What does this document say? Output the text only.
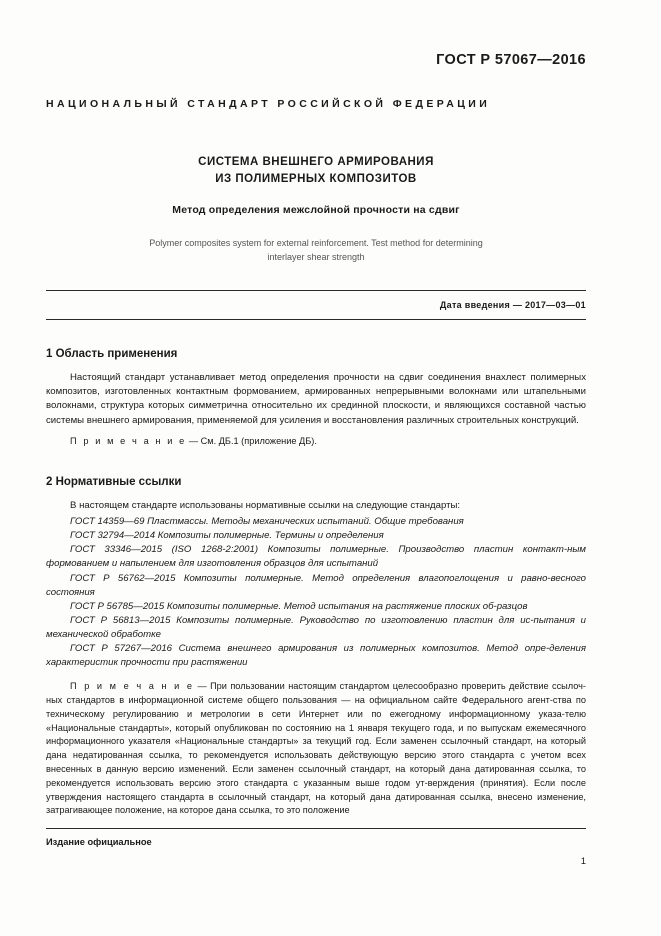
ГОСТ Р 57067—2016
НАЦИОНАЛЬНЫЙ СТАНДАРТ РОССИЙСКОЙ ФЕДЕРАЦИИ
СИСТЕМА ВНЕШНЕГО АРМИРОВАНИЯ
ИЗ ПОЛИМЕРНЫХ КОМПОЗИТОВ
Метод определения межслойной прочности на сдвиг
Polymer composites system for external reinforcement. Test method for determining
interlayer shear strength
Дата введения — 2017—03—01
1 Область применения

Настоящий стандарт устанавливает метод определения прочности на сдвиг соединения внахлест полимерных композитов, изготовленных контактным формованием, армированных непрерывными волокнами или штапельными волокнами, структура которых симметрична относительно их срединной плоскости, и являющихся составной частью системы внешнего армирования, применяемой для усиления и восстановления различных строительных конструкций.

П р и м е ч а н и е — См. ДБ.1 (приложение ДБ).

2 Нормативные ссылки

В настоящем стандарте использованы нормативные ссылки на следующие стандарты:

ГОСТ 14359—69 Пластмассы. Методы механических испытаний. Общие требования

ГОСТ 32794—2014 Композиты полимерные. Термины и определения

ГОСТ 33346—2015 (ISO 1268-2:2001) Композиты полимерные. Производство пластин контакт-ным формованием и напылением для изготовления образцов для испытаний

ГОСТ Р 56762—2015 Композиты полимерные. Метод определения влагопоглощения и равно-весного состояния

ГОСТ Р 56785—2015 Композиты полимерные. Метод испытания на растяжение плоских об-разцов

ГОСТ Р 56813—2015 Композиты полимерные. Руководство по изготовлению пластин для ис-пытания и механической обработке

ГОСТ Р 57267—2016 Система внешнего армирования из полимерных композитов. Метод опре-деления характеристик прочности при растяжении

П р и м е ч а н и е — При пользовании настоящим стандартом целесообразно проверить действие ссылоч-ных стандартов в информационной системе общего пользования — на официальном сайте Федерального агент-ства по техническому регулированию и метрологии в сети Интернет или по ежегодному информационному указа-телю «Национальные стандарты», который опубликован по состоянию на 1 января текущего года, и по выпускам ежемесячного информационного указателя «Национальные стандарты» за текущий год. Если заменен ссылочный стандарт, на который дана недатированная ссылка, то рекомендуется использовать действующую версию этого стандарта с учетом всех внесенных в данную версию изменений. Если заменен ссылочный стандарт, на который дана датированная ссылка, то рекомендуется использовать версию этого стандарта с указанным выше годом ут-верждения (принятия). Если после утверждения настоящего стандарта в ссылочный стандарт, на который дана датированная ссылка, внесено изменение, затрагивающее положение, на которое дана ссылка, то это положение

Издание официальное
1
